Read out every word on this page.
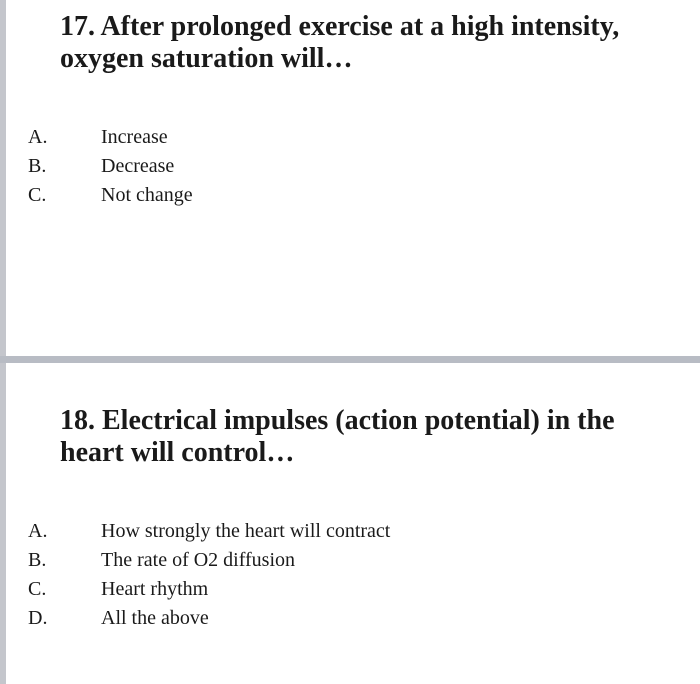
17. After prolonged exercise at a high intensity, oxygen saturation will…
A.	Increase
B.	Decrease
C.	Not change
18. Electrical impulses (action potential) in the heart will control…
A.	How strongly the heart will contract
B.	The rate of O2 diffusion
C.	Heart rhythm
D.	All the above
